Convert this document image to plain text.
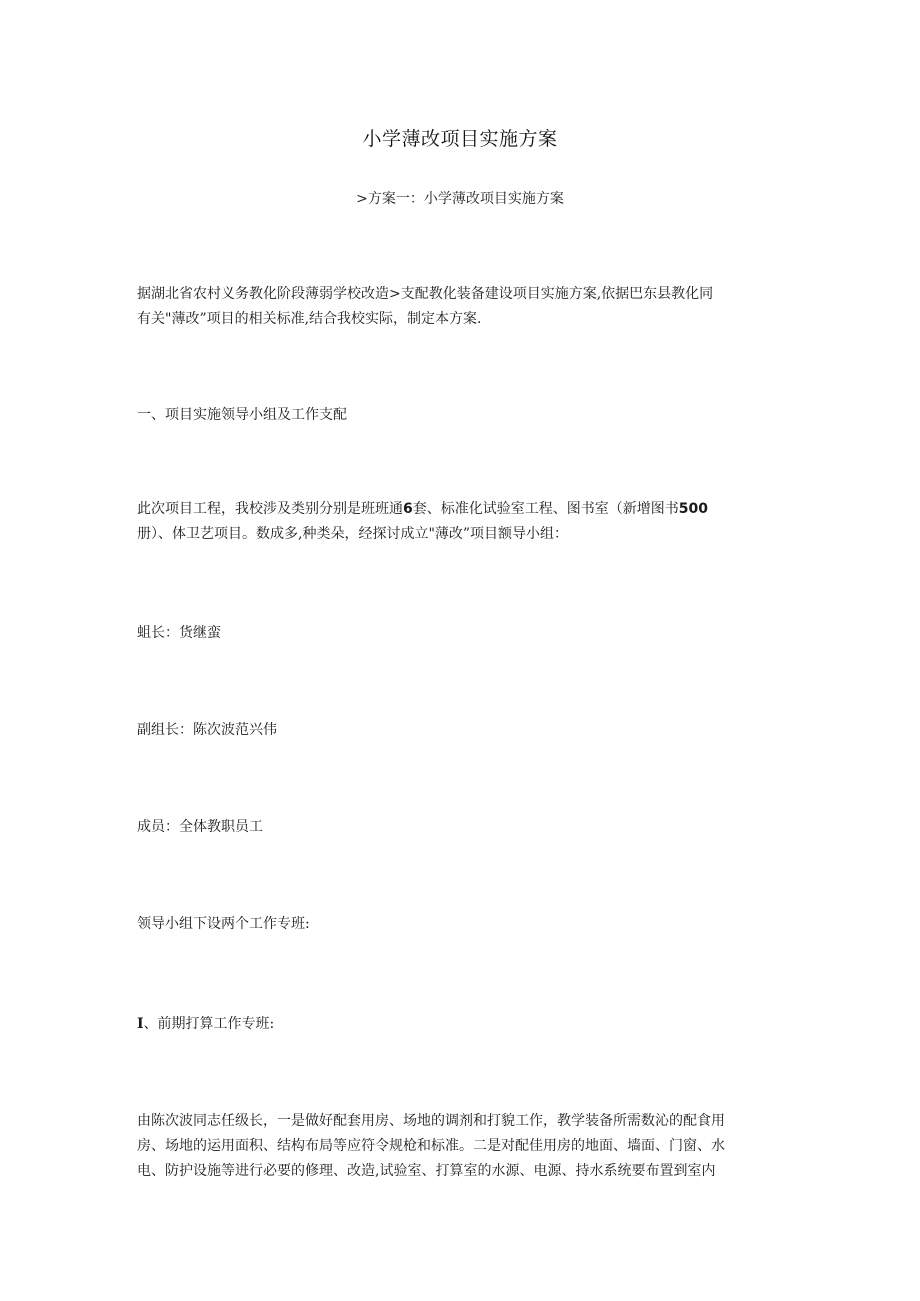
小学薄改项目实施方案
>方案一：小学薄改项目实施方案
据湖北省农村义务教化阶段薄弱学校改造>支配教化装备建设项目实施方案,依据巴东县教化同
有关"薄改”项目的相关标准,结合我校实际，制定本方案.
一、项目实施领导小组及工作支配
此次项目工程，我校涉及类别分别是班班通6套、标准化试验室工程、图书室（新增图书500
册）、体卫艺项目。数成多,种类朵，经探讨成立"薄改”项目额导小组：
蛆长：货继蛮
副组长：陈次波范兴伟
成员：全体教职员工
领导小组下设两个工作专班:
I、前期打算工作专班:
由陈次波同志任级长，一是做好配套用房、场地的调剂和打貌工作，教学装备所需数沁的配食用
房、场地的运用面积、结构布局等应符令规枪和标准。二是对配佳用房的地面、墙面、门窗、水
电、防护设施等进行必要的修理、改造,试验室、打算室的水源、电源、持水系统要布置到室内
